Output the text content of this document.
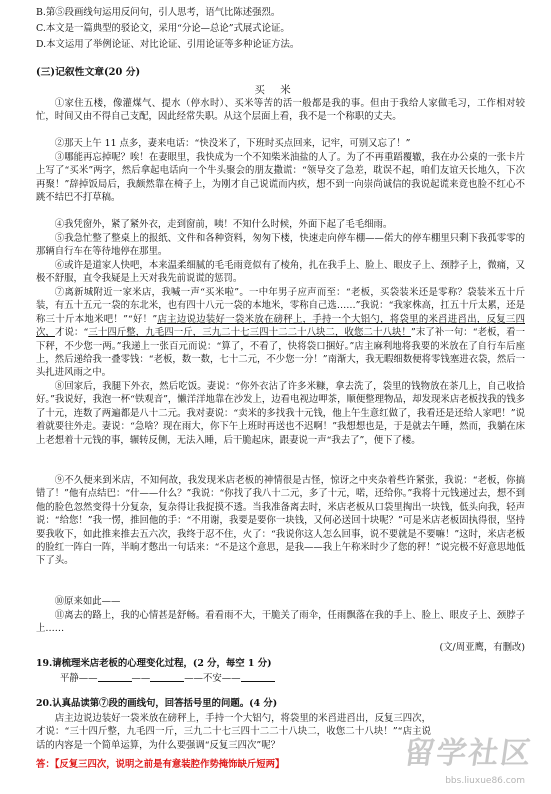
B.第⑤段画线句运用反问句，引人思考，语气比陈述强烈。
C.本文是一篇典型的驳论文，采用“分论—总论”式展式论证。
D.本文运用了举例论证、对比论证、引用论证等多种论证方法。
(三)记叙性文章(20 分)
买 米
①家住五楼，像灌煤气、提水（停水时）、买米等苦的活一般都是我的事。但由于我给人家做毛习，工作相对较忙，时间又由不得自己支配，因此经常失职。从这个层面上看，我不是一个称职的丈夫。
②那天上午 11 点多，妻来电话：“快没米了，下班时买点回来，记牢，可别又忘了！”
③哪能再忘掉呢？唉！在妻眼里，我快成为一个不知柴米油盐的人了。为了不再重蹈覆辙，我在办公桌的一张卡片上写了“买米”两字，然后拿起电话向一个牛头聚会的朋友撒谎：“领导交了急差，耽误不起，咱们友谊天长地久，下次再聚！”辞掉饭局后，我颇然靠在椅子上，为刚才自己说谎而内疚，想不到一向崇尚诚信的我说起谎来竟也脸不红心不跳不结巴不打草稿。
④我凭窗外，紧了紧外衣，走到窗前，咦！不知什么时候，外面下起了毛毛细雨。
⑤我急忙整了整桌上的报纸、文件和各种资料，匆匆下楼，快速走向停车棚——偌大的停车棚里只剩下我孤零零的那辆自行车在等待地停在那里。
⑥或许是道家人快吧，本来温柔细腻的毛毛雨竟似有了棱角，扎在我手上、脸上、眼皮子上、颈脖子上，微痛，又极不舒服，直令我疑是上天对我先前说谎的惩罚。
⑦离新城附近一家米店，我喊一声“买米啦”。一中年男子应声而至：“老板，买袋装米还是零称？袋装米五十斤装，有五十五元一袋的东北米，也有四十八元一袋的本地米，零称自己选……”我说：“我家株高，扛五十斤太累，还是称三十斤本地米吧！”“好！”店主边说边装好一袋米放在磅秤上，手持一个大铝勺，将袋里的米舀进舀出，反复三四次，才说：“三十四斤整，九毛四一斤，三九二十七三四十二二十八块二，收您二十八块！”末了补一句：“老板，看一下秤，不少您一两。”我递上一张百元而说：“算了，不看了，快将袋口捆好。”店主麻利地将我要的米放在了自行车后座上，然后递给我一叠零钱：“老板，数一数，七十二元，不少您一分！”南渐大，我无暇细数便将零钱塞进衣袋，然后一头扎进风雨之中。
⑧回家后，我腿下外衣，然后吃饭。妻说：“你外衣沾了许多米糠，拿去洗了，袋里的钱物放在茶几上，自己收拾好。”我说好，我泡一杯“铁观音”，懒洋洋地靠在沙发上，边看电视边呷茶，顺便整理物品，却发现米店老板找我的钱多了十元，连数了两遍都是八十二元。我对妻说：“卖米的多找我十元钱，他上午生意红做了，我看还是还给人家吧！”说着就要往外走。妻说：“急啥？现在雨大，你下午上班时再送也不迟啊！”我想想也是，于是就去午睡，然而，我躺在床上老想着十元钱的事，辗转反侧，无法入睡，后干脆起床，跟妻说一声“我去了”，便下了楼。
⑨不久便来到米店，不知何故，我发现米店老板的神情很是古怪，惊讶之中夹杂着些许紧张，我说：“老板，你搞错了！”他有点结巴：“什——什么？”我说：“你找了我八十二元，多了十元，喏，还给你。”我将十元钱递过去，想不到他的脸色忽然变得十分复杂，复杂得让我捉摸不透。当我准备离去时，米店老板从口袋里掏出一块钱，低头向我，轻声说：“给您！”我一愣，推回他的手：“不用谢，我要是要你一块钱，又何必送回十块呢？”可是米店老板固执得很，坚持要我收下，如此推来推去五六次，我终于忍不住，火了：“我说你这人怎么回事，说不要就是不要嘛！”这时，米店老板的脸红一阵白一阵，半晌才憋出一句话来：“不是这个意思，是我——我上午称米时少了您的秤！”说完极不好意思地低下了头。
⑩原来如此——
⑪离去的路上，我的心情甚是舒畅。看看雨不大，干脆关了雨伞，任雨飘落在我的手上、脸上、眼皮子上、颈脖子上……
(文/周亚鹰，有删改)
19.请梳理米店老板的心理变化过程，(2 分，每空 1 分)
平静——	——	——不安——
20.认真品读第⑦段的画线句，回答括号里的问题。(4 分)
店主边说边装好一袋米放在磅秤上，手持一个大铝勺，将袋里的米舀进舀出，反复三四次，才说：“三十四斤整，九毛四一斤，三九二十七三四十二二十八块二，收您二十八块！”“店主说话的内容是一个简单运算，为什么要强调“反复三四次”呢？
答：【反复三四次，说明之前是有意装腔作势掩饰缺斤短两】	留学社区
bbs.liuxue86.com
